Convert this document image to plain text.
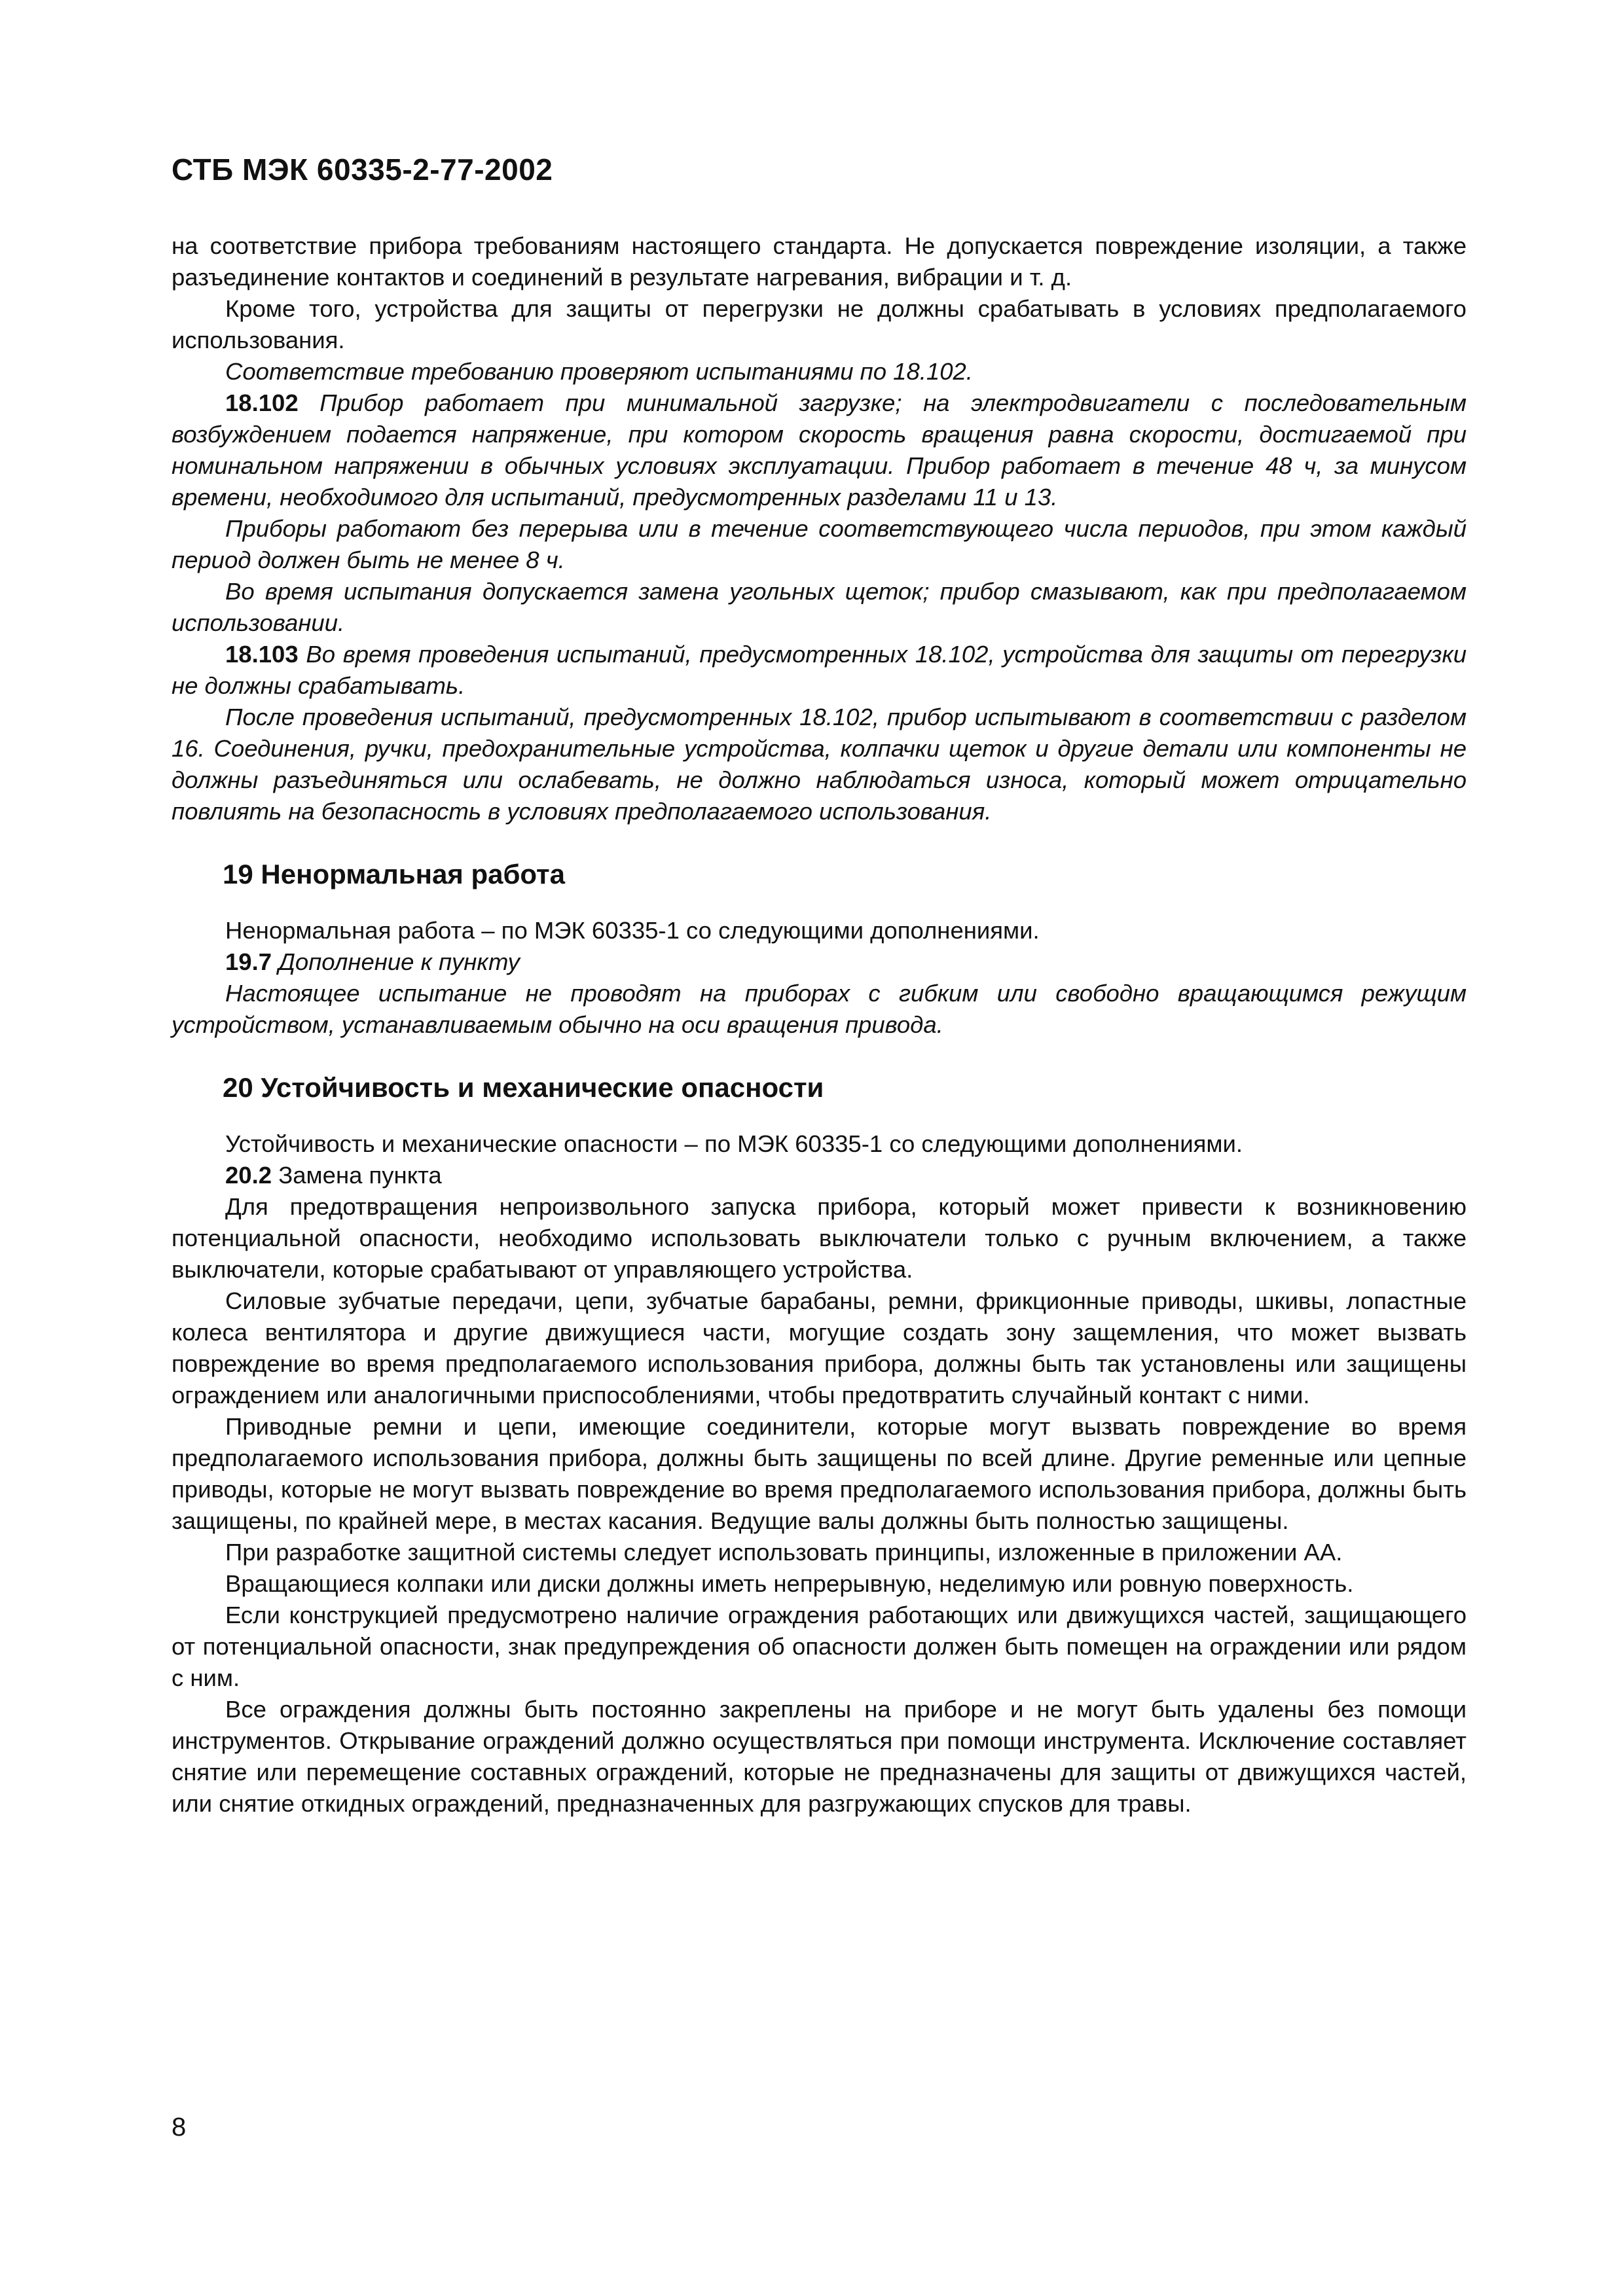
СТБ МЭК 60335-2-77-2002

на соответствие прибора требованиям настоящего стандарта. Не допускается повреждение изоляции, а также разъединение контактов и соединений в результате нагревания, вибрации и т. д.

Кроме того, устройства для защиты от перегрузки не должны срабатывать в условиях предполагаемого использования.

Соответствие требованию проверяют испытаниями по 18.102.

18.102 Прибор работает при минимальной загрузке; на электродвигатели с последовательным возбуждением подается напряжение, при котором скорость вращения равна скорости, достигаемой при номинальном напряжении в обычных условиях эксплуатации. Прибор работает в течение 48 ч, за минусом времени, необходимого для испытаний, предусмотренных разделами 11 и 13.

Приборы работают без перерыва или в течение соответствующего числа периодов, при этом каждый период должен быть не менее 8 ч.

Во время испытания допускается замена угольных щеток; прибор смазывают, как при предполагаемом использовании.

18.103 Во время проведения испытаний, предусмотренных 18.102, устройства для защиты от перегрузки не должны срабатывать.

После проведения испытаний, предусмотренных 18.102, прибор испытывают в соответствии с разделом 16. Соединения, ручки, предохранительные устройства, колпачки щеток и другие детали или компоненты не должны разъединяться или ослабевать, не должно наблюдаться износа, который может отрицательно повлиять на безопасность в условиях предполагаемого использования.

19 Ненормальная работа

Ненормальная работа – по МЭК 60335-1 со следующими дополнениями.

19.7 Дополнение к пункту

Настоящее испытание не проводят на приборах с гибким или свободно вращающимся режущим устройством, устанавливаемым обычно на оси вращения привода.

20 Устойчивость и механические опасности

Устойчивость и механические опасности – по МЭК 60335-1 со следующими дополнениями.

20.2 Замена пункта

Для предотвращения непроизвольного запуска прибора, который может привести к возникновению потенциальной опасности, необходимо использовать выключатели только с ручным включением, а также выключатели, которые срабатывают от управляющего устройства.

Силовые зубчатые передачи, цепи, зубчатые барабаны, ремни, фрикционные приводы, шкивы, лопастные колеса вентилятора и другие движущиеся части, могущие создать зону защемления, что может вызвать повреждение во время предполагаемого использования прибора, должны быть так установлены или защищены ограждением или аналогичными приспособлениями, чтобы предотвратить случайный контакт с ними.

Приводные ремни и цепи, имеющие соединители, которые могут вызвать повреждение во время предполагаемого использования прибора, должны быть защищены по всей длине. Другие ременные или цепные приводы, которые не могут вызвать повреждение во время предполагаемого использования прибора, должны быть защищены, по крайней мере, в местах касания. Ведущие валы должны быть полностью защищены.

При разработке защитной системы следует использовать принципы, изложенные в приложении АА.

Вращающиеся колпаки или диски должны иметь непрерывную, неделимую или ровную поверхность.

Если конструкцией предусмотрено наличие ограждения работающих или движущихся частей, защищающего от потенциальной опасности, знак предупреждения об опасности должен быть помещен на ограждении или рядом с ним.

Все ограждения должны быть постоянно закреплены на приборе и не могут быть удалены без помощи инструментов. Открывание ограждений должно осуществляться при помощи инструмента. Исключение составляет снятие или перемещение составных ограждений, которые не предназначены для защиты от движущихся частей, или снятие откидных ограждений, предназначенных для разгружающих спусков для травы.

8
